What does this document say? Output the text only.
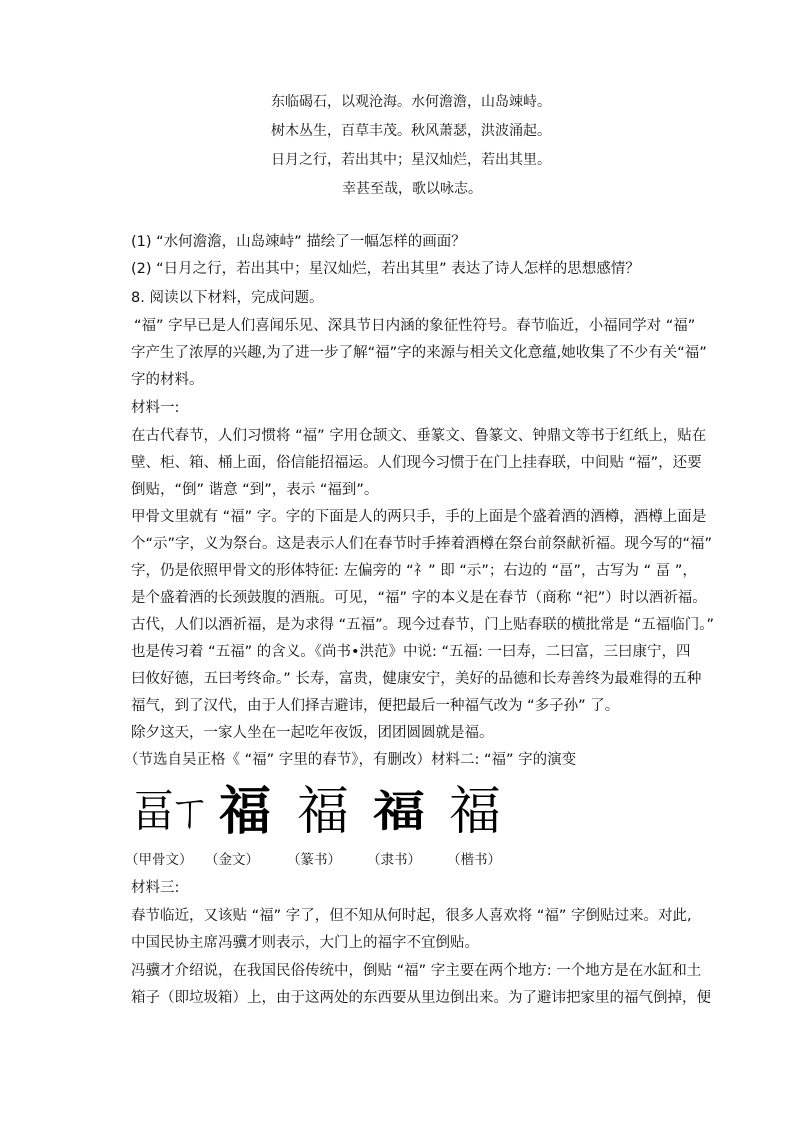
东临碣石，以观沧海。水何澹澹，山岛竦峙。
树木丛生，百草丰茂。秋风萧瑟，洪波涌起。
日月之行，若出其中；星汉灿烂，若出其里。
幸甚至哉，歌以咏志。
(1) “水何澹澹，山岛竦峙” 描绘了一幅怎样的画面？
(2) “日月之行，若出其中；星汉灿烂，若出其里” 表达了诗人怎样的思想感情？
8. 阅读以下材料，完成问题。
“福” 字早已是人们喜闻乐见、深具节日内涵的象征性符号。春节临近，小福同学对 “福”
字产生了浓厚的兴趣,为了进一步了解“福”字的来源与相关文化意蕴,她收集了不少有关“福”
字的材料。
材料一:
在古代春节，人们习惯将 “福” 字用仓颉文、垂篆文、鲁篆文、钟鼎文等书于红纸上，贴在
壁、柜、箱、桶上面，俗信能招福运。人们现今习惯于在门上挂春联，中间贴 “福”，还要
倒贴，“倒” 谐意 “到”，表示 “福到”。
甲骨文里就有 “福” 字。字的下面是人的两只手，手的上面是个盛着酒的酒樽，酒樽上面是
个“示”字，义为祭台。这是表示人们在春节时手捧着酒樽在祭台前祭献祈福。现今写的“福”
字，仍是依照甲骨文的形体特征: 左偏旁的 “礻” 即 “示”；右边的 “畐”，古写为 “ 畐 ”，
是个盛着酒的长颈鼓腹的酒瓶。可见，“福” 字的本义是在春节（商称 “祀”）时以酒祈福。
古代，人们以酒祈福，是为求得 “五福”。现今过春节，门上贴春联的横批常是 “五福临门。”
也是传习着 “五福” 的含义。《尚书•洪范》中说: “五福: 一曰寿，二曰富，三曰康宁，四
曰攸好德，五曰考终命。” 长寿，富贵，健康安宁，美好的品德和长寿善终为最难得的五种
福气，到了汉代，由于人们择吉避讳，便把最后一种福气改为 “多子孙” 了。
除夕这天，一家人坐在一起吃年夜饭，团团圆圆就是福。
（节选自吴正格《 “福” 字里的春节》，有删改）材料二: “福” 字的演变
畐ㄒ 福 福 福 福
（甲骨文） （金文） （篆书） （隶书） （楷书）
材料三:
春节临近，又该贴 “福” 字了，但不知从何时起，很多人喜欢将 “福” 字倒贴过来。对此,
中国民协主席冯骥才则表示，大门上的福字不宜倒贴。
冯骥才介绍说，在我国民俗传统中，倒贴 “福” 字主要在两个地方: 一个地方是在水缸和土
箱子（即垃圾箱）上，由于这两处的东西要从里边倒出来。为了避讳把家里的福气倒掉，便
